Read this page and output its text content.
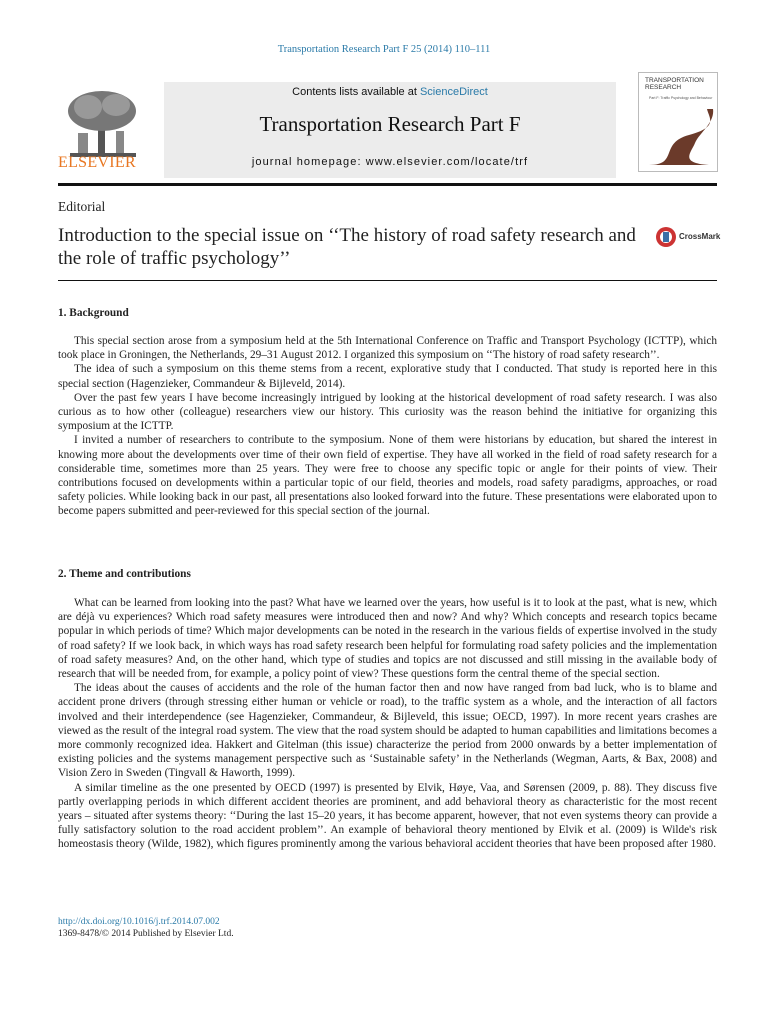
Transportation Research Part F 25 (2014) 110–111
ELSEVIER
Contents lists available at ScienceDirect
Transportation Research Part F
journal homepage: www.elsevier.com/locate/trf
TRANSPORTATION RESEARCH
Part F: Traffic Psychology and Behaviour
Editorial
Introduction to the special issue on ‘‘The history of road safety research and the role of traffic psychology’’
CrossMark
1. Background

This special section arose from a symposium held at the 5th International Conference on Traffic and Transport Psychology (ICTTP), which took place in Groningen, the Netherlands, 29–31 August 2012. I organized this symposium on ‘‘The history of road safety research’’.

The idea of such a symposium on this theme stems from a recent, explorative study that I conducted. That study is reported here in this special section (Hagenzieker, Commandeur & Bijleveld, 2014).

Over the past few years I have become increasingly intrigued by looking at the historical development of road safety research. I was also curious as to how other (colleague) researchers view our history. This curiosity was the reason behind the initiative for organizing this symposium at the ICTTP.

I invited a number of researchers to contribute to the symposium. None of them were historians by education, but shared the interest in knowing more about the developments over time of their own field of expertise. They have all worked in the field of road safety research for a considerable time, sometimes more than 25 years. They were free to choose any specific topic or angle for their points of view. Their contributions focused on developments within a particular topic of our field, theories and models, road safety paradigms, approaches, or road safety policies. While looking back in our past, all presentations also looked forward into the future. These presentations were elaborated upon to become papers submitted and peer-reviewed for this special section of the journal.

2. Theme and contributions

What can be learned from looking into the past? What have we learned over the years, how useful is it to look at the past, what is new, which are déjà vu experiences? Which road safety measures were introduced then and now? And why? Which concepts and research topics became popular in which periods of time? Which major developments can be noted in the research in the various fields of expertise involved in the study of road safety? If we look back, in which ways has road safety research been helpful for formulating road safety policies and the implementation of road safety measures? And, on the other hand, which type of studies and topics are not discussed and still missing in the available body of research that will be needed from, for example, a policy point of view? These questions form the central theme of the special section.

The ideas about the causes of accidents and the role of the human factor then and now have ranged from bad luck, who is to blame and accident prone drivers (through stressing either human or vehicle or road), to the traffic system as a whole, and the interaction of all factors involved and their interdependence (see Hagenzieker, Commandeur, & Bijleveld, this issue; OECD, 1997). In more recent years crashes are viewed as the result of the integral road system. The view that the road system should be adapted to human capabilities and limitations becomes a more commonly recognized idea. Hakkert and Gitelman (this issue) characterize the period from 2000 onwards by a better implementation of existing policies and the systems management perspective such as ‘Sustainable safety’ in the Netherlands (Wegman, Aarts, & Bax, 2008) and Vision Zero in Sweden (Tingvall & Haworth, 1999).

A similar timeline as the one presented by OECD (1997) is presented by Elvik, Høye, Vaa, and Sørensen (2009, p. 88). They discuss five partly overlapping periods in which different accident theories are prominent, and add behavioral theory as characteristic for the most recent years – situated after systems theory: ‘‘During the last 15–20 years, it has become apparent, however, that not even systems theory can provide a fully satisfactory solution to the road accident problem’’. An example of behavioral theory mentioned by Elvik et al. (2009) is Wilde's risk homeostasis theory (Wilde, 1982), which figures prominently among the various behavioral accident theories that have been proposed after 1980.

http://dx.doi.org/10.1016/j.trf.2014.07.002
1369-8478/© 2014 Published by Elsevier Ltd.
